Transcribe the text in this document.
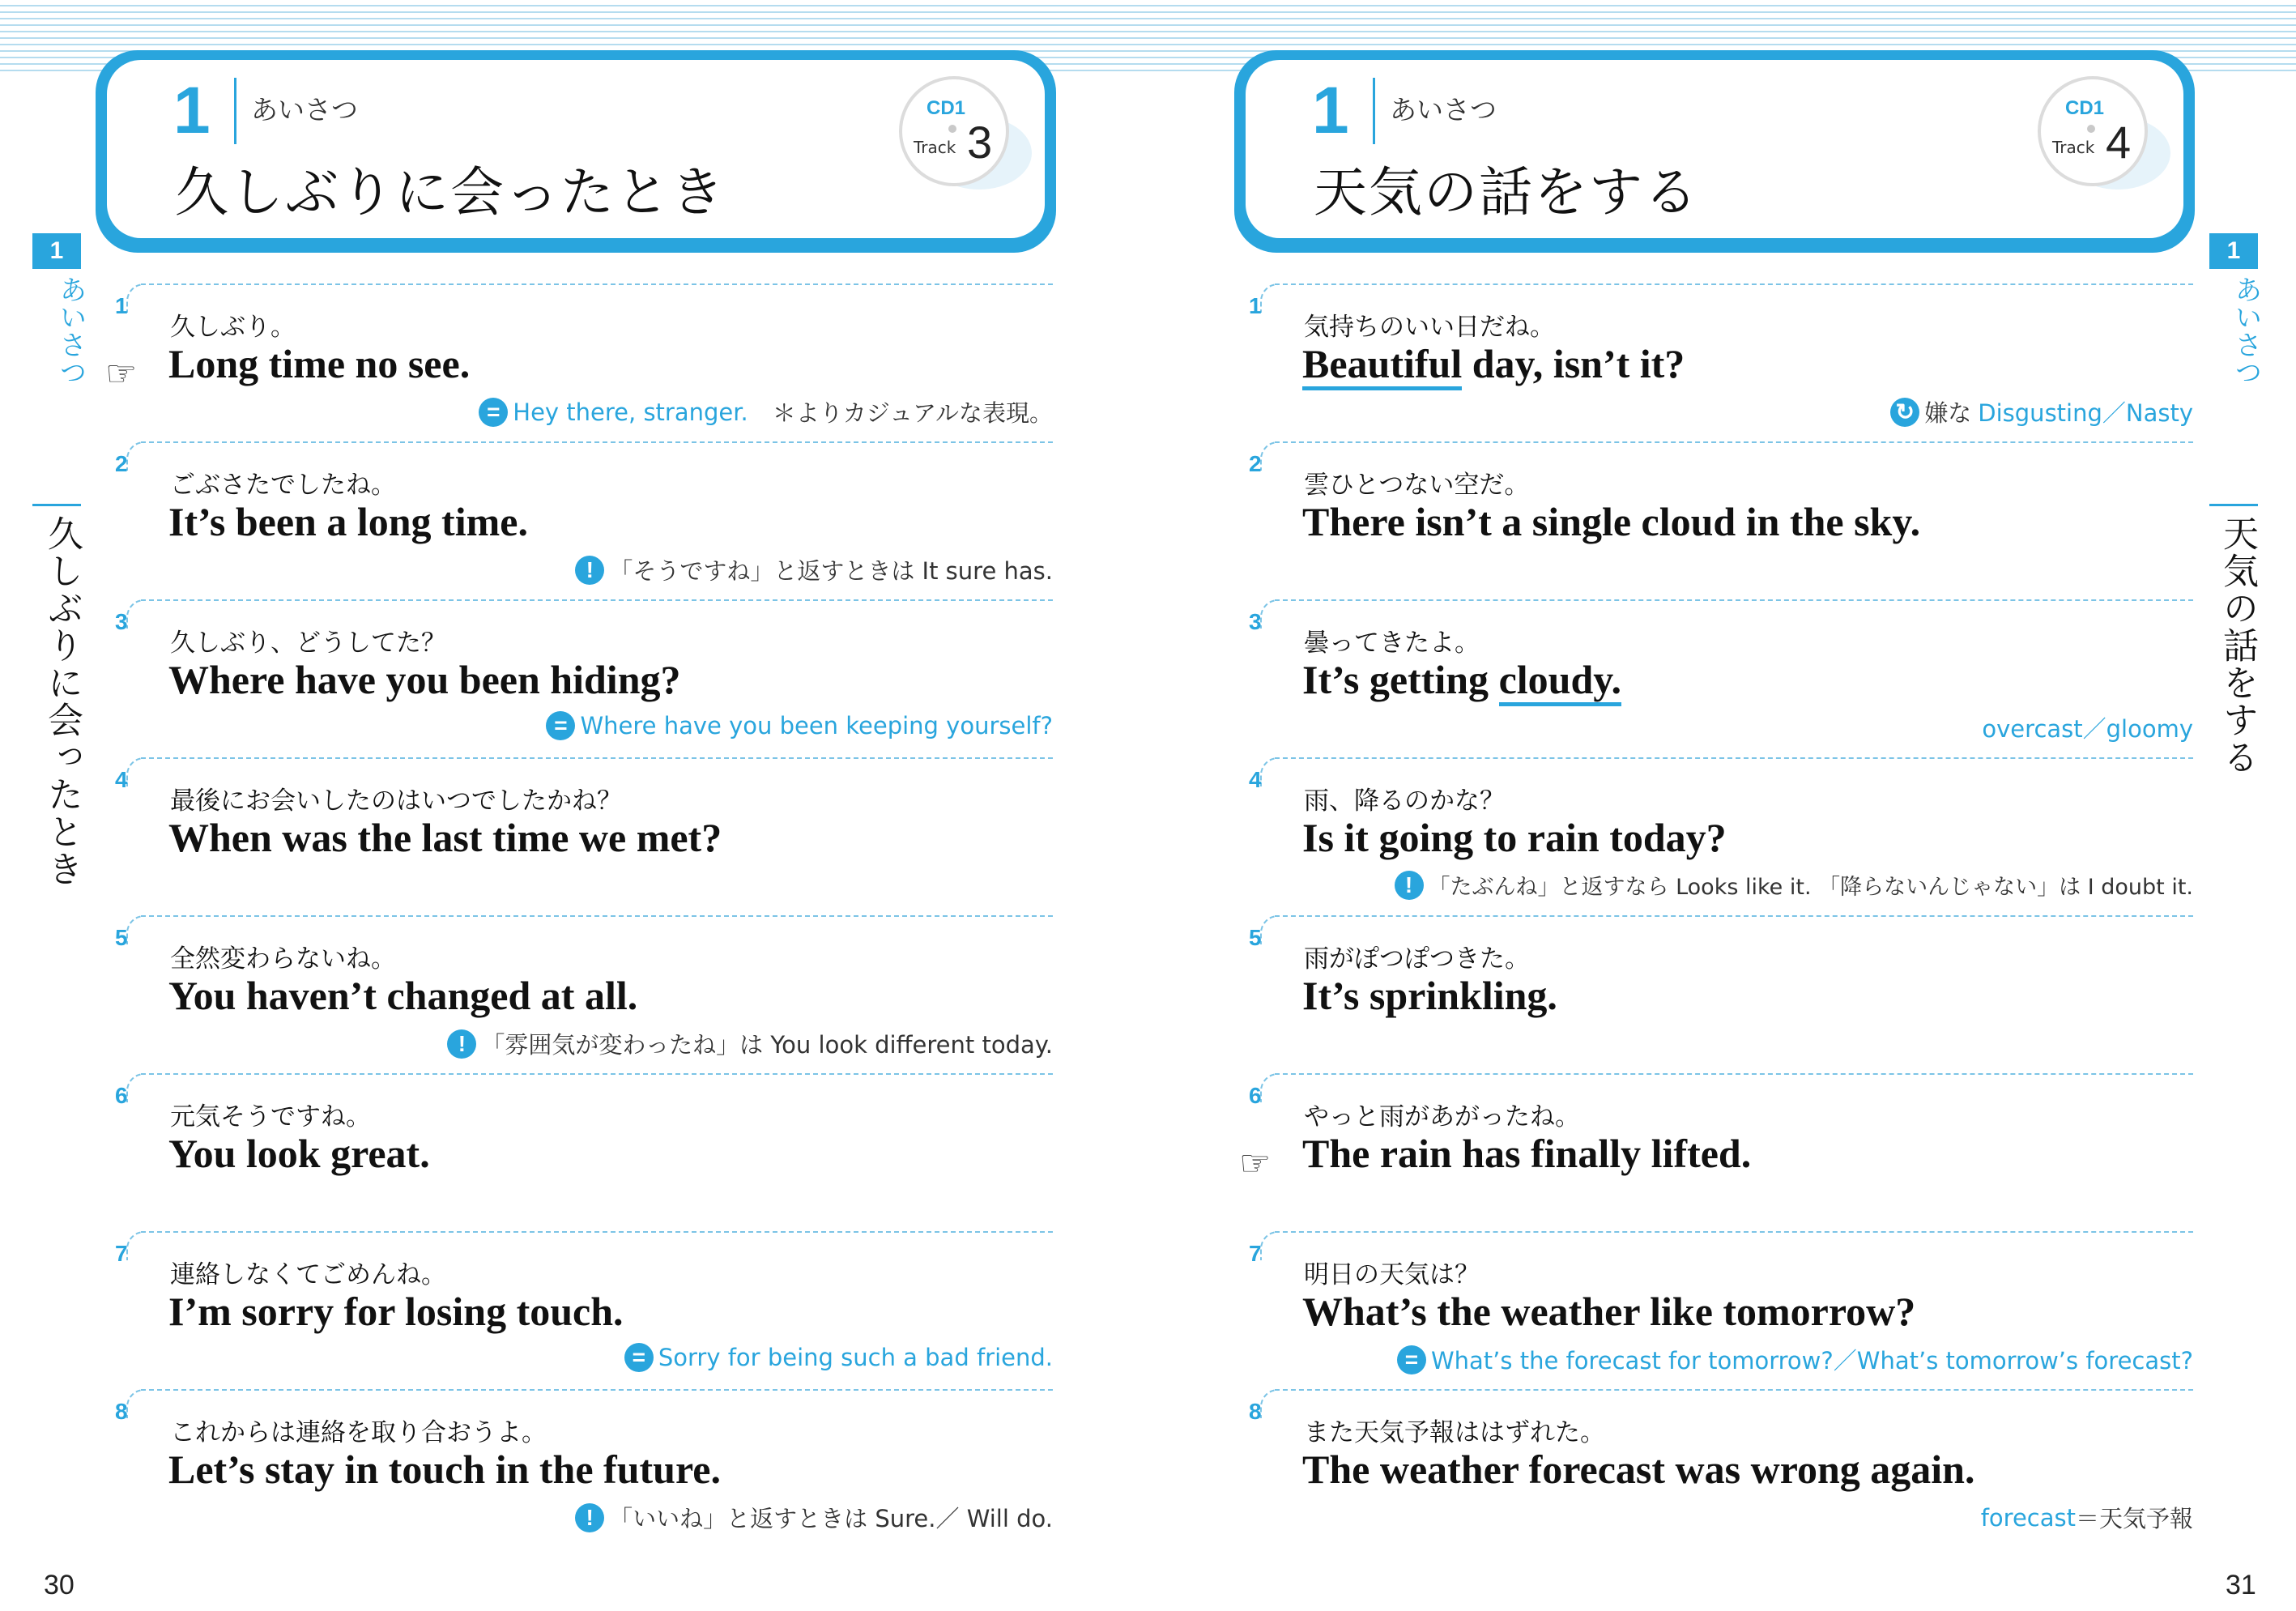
1 あいさつ
久しぶりに会ったとき
CD1
Track 3
1
あいさつ
久しぶりに会ったとき
1
☞
久しぶり。
Long time no see.
= Hey there, stranger. ＊よりカジュアルな表現。
2
ごぶさたでしたね。
It’s been a long time.
! 「そうですね」と返すときは It sure has.
3
久しぶり、どうしてた？
Where have you been hiding?
= Where have you been keeping yourself?
4
最後にお会いしたのはいつでしたかね？
When was the last time we met?
5
全然変わらないね。
You haven’t changed at all.
! 「雰囲気が変わったね」は You look different today.
6
元気そうですね。
You look great.
7
連絡しなくてごめんね。
I’m sorry for losing touch.
= Sorry for being such a bad friend.
8
これからは連絡を取り合おうよ。
Let’s stay in touch in the future.
! 「いいね」と返すときは Sure.／ Will do.
30
1 あいさつ
天気の話をする
CD1
Track 4
1
あいさつ
天気の話をする
1
気持ちのいい日だね。
Beautiful day, isn’t it?
↻ 嫌な Disgusting／Nasty
2
雲ひとつない空だ。
There isn’t a single cloud in the sky.
3
曇ってきたよ。
It’s getting cloudy.
overcast／gloomy
4
雨、降るのかな？
Is it going to rain today?
! 「たぶんね」と返すなら Looks like it. 「降らないんじゃない」は I doubt it.
5
雨がぽつぽつきた。
It’s sprinkling.
6
☞
やっと雨があがったね。
The rain has finally lifted.
7
明日の天気は？
What’s the weather like tomorrow?
= What’s the forecast for tomorrow?／What’s tomorrow’s forecast?
8
また天気予報ははずれた。
The weather forecast was wrong again.
forecast ＝天気予報
31
